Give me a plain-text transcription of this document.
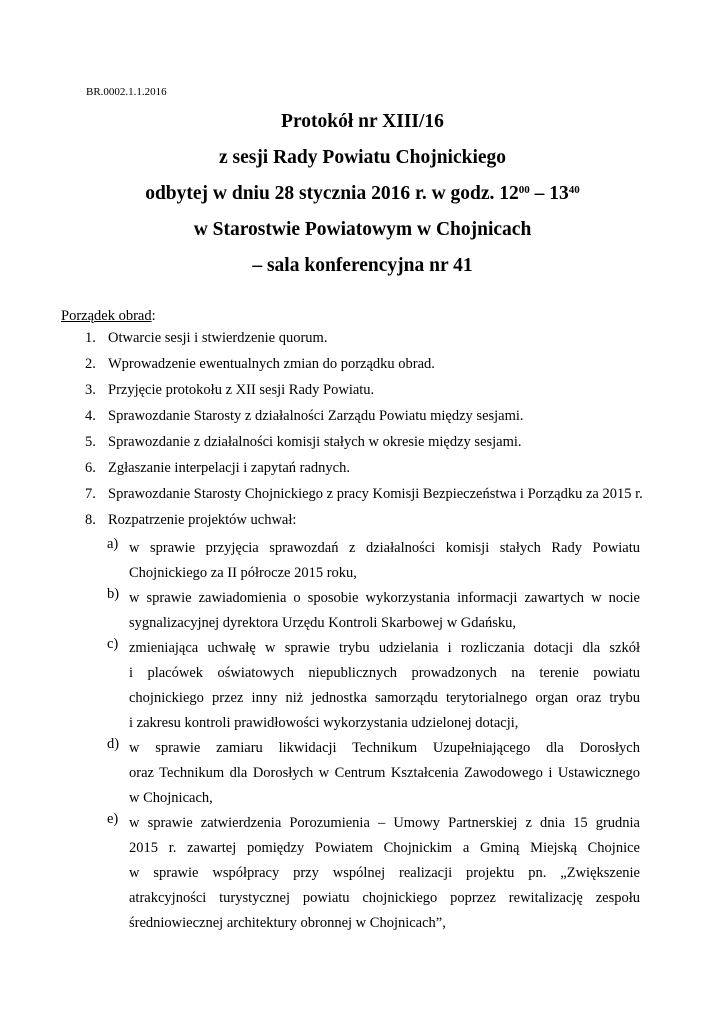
BR.0002.1.1.2016
Protokół nr XIII/16
z sesji Rady Powiatu Chojnickiego
odbytej w dniu 28 stycznia 2016 r. w godz. $12^{00} - 13^{40}$
w Starostwie Powiatowym w Chojnicach
– sala konferencyjna nr 41
Porządek obrad:
1. Otwarcie sesji i stwierdzenie quorum.
2. Wprowadzenie ewentualnych zmian do porządku obrad.
3. Przyjęcie protokołu z XII sesji Rady Powiatu.
4. Sprawozdanie Starosty z działalności Zarządu Powiatu między sesjami.
5. Sprawozdanie z działalności komisji stałych w okresie między sesjami.
6. Zgłaszanie interpelacji i zapytań radnych.
7. Sprawozdanie Starosty Chojnickiego z pracy Komisji Bezpieczeństwa i Porządku za 2015 r.
8. Rozpatrzenie projektów uchwał:
a) w sprawie przyjęcia sprawozdań z działalności komisji stałych Rady Powiatu
Chojnickiego za II półrocze 2015 roku,
b) w sprawie zawiadomienia o sposobie wykorzystania informacji zawartych w nocie
sygnalizacyjnej dyrektora Urzędu Kontroli Skarbowej w Gdańsku,
c) zmieniająca uchwałę w sprawie trybu udzielania i rozliczania dotacji dla szkół
i placówek oświatowych niepublicznych prowadzonych na terenie powiatu
chojnickiego przez inny niż jednostka samorządu terytorialnego organ oraz trybu
i zakresu kontroli prawidłowości wykorzystania udzielonej dotacji,
d) w sprawie zamiaru likwidacji Technikum Uzupełniającego dla Dorosłych
oraz Technikum dla Dorosłych w Centrum Kształcenia Zawodowego i Ustawicznego
w Chojnicach,
e) w sprawie zatwierdzenia Porozumienia – Umowy Partnerskiej z dnia 15 grudnia
2015 r. zawartej pomiędzy Powiatem Chojnickim a Gminą Miejską Chojnice
w sprawie współpracy przy wspólnej realizacji projektu pn. „Zwiększenie
atrakcyjności turystycznej powiatu chojnickiego poprzez rewitalizację zespołu
średniowiecznej architektury obronnej w Chojnicach”,
